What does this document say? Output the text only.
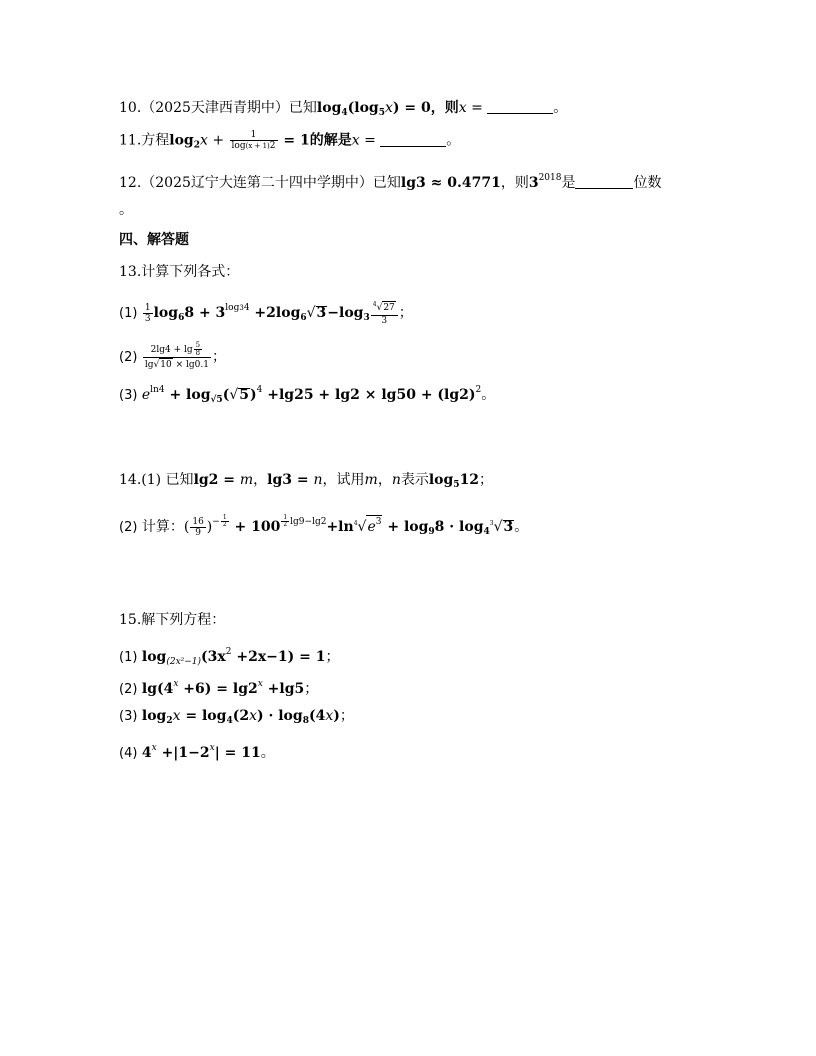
10.（2025天津西青期中）已知$\log_4(\log_5x) = 0$，则x =	。
11.方程$\log_2x + \frac{1}{\log(x + 1)2} = 1$的解是x =	。
12.（2025辽宁大连第二十四中学期中）已知lg3 ≈ 0.4771，则$3^{2018}$是	位数
。
四、解答题
13.计算下列各式：
$(1) \frac{1}{3} \log_68 + 3^{log34} +2\log_6√3-\log_3 \frac{^4√27}{3}$ ；
$(2) \frac{2\lg 4 + \lg \frac{5}{8}}{\lg√10 \times \lg 0.1}$ ；
(3) $e^{ln4} + \log_{√5}(√5)^4 +\lg 25 + \lg 2 \times \lg 50 + (\lg 2)^2$。
14.(1) 已知lg2 = m，lg3 = n，试用m，n表示$\log_512$；
(2) 计算：( $\frac{16}{9} )^{- \frac{1}{2}} + 100$ $^{\frac{1}{2} lg9-lg2}+\ln^4√e^3 + \log_98 \cdot \log_4^3√3$。
15.解下列方程：
(1) $\log_{(2x^2-1)}(3x^2 +2x-1) = 1$；
(2) $\lg(4^x +6) = \lg 2^x +\lg 5$；
(3) $\log_2x = \log_4(2x) \cdot \log_8(4x)$；
(4) $4^x +|1-2^x| = 11$。
